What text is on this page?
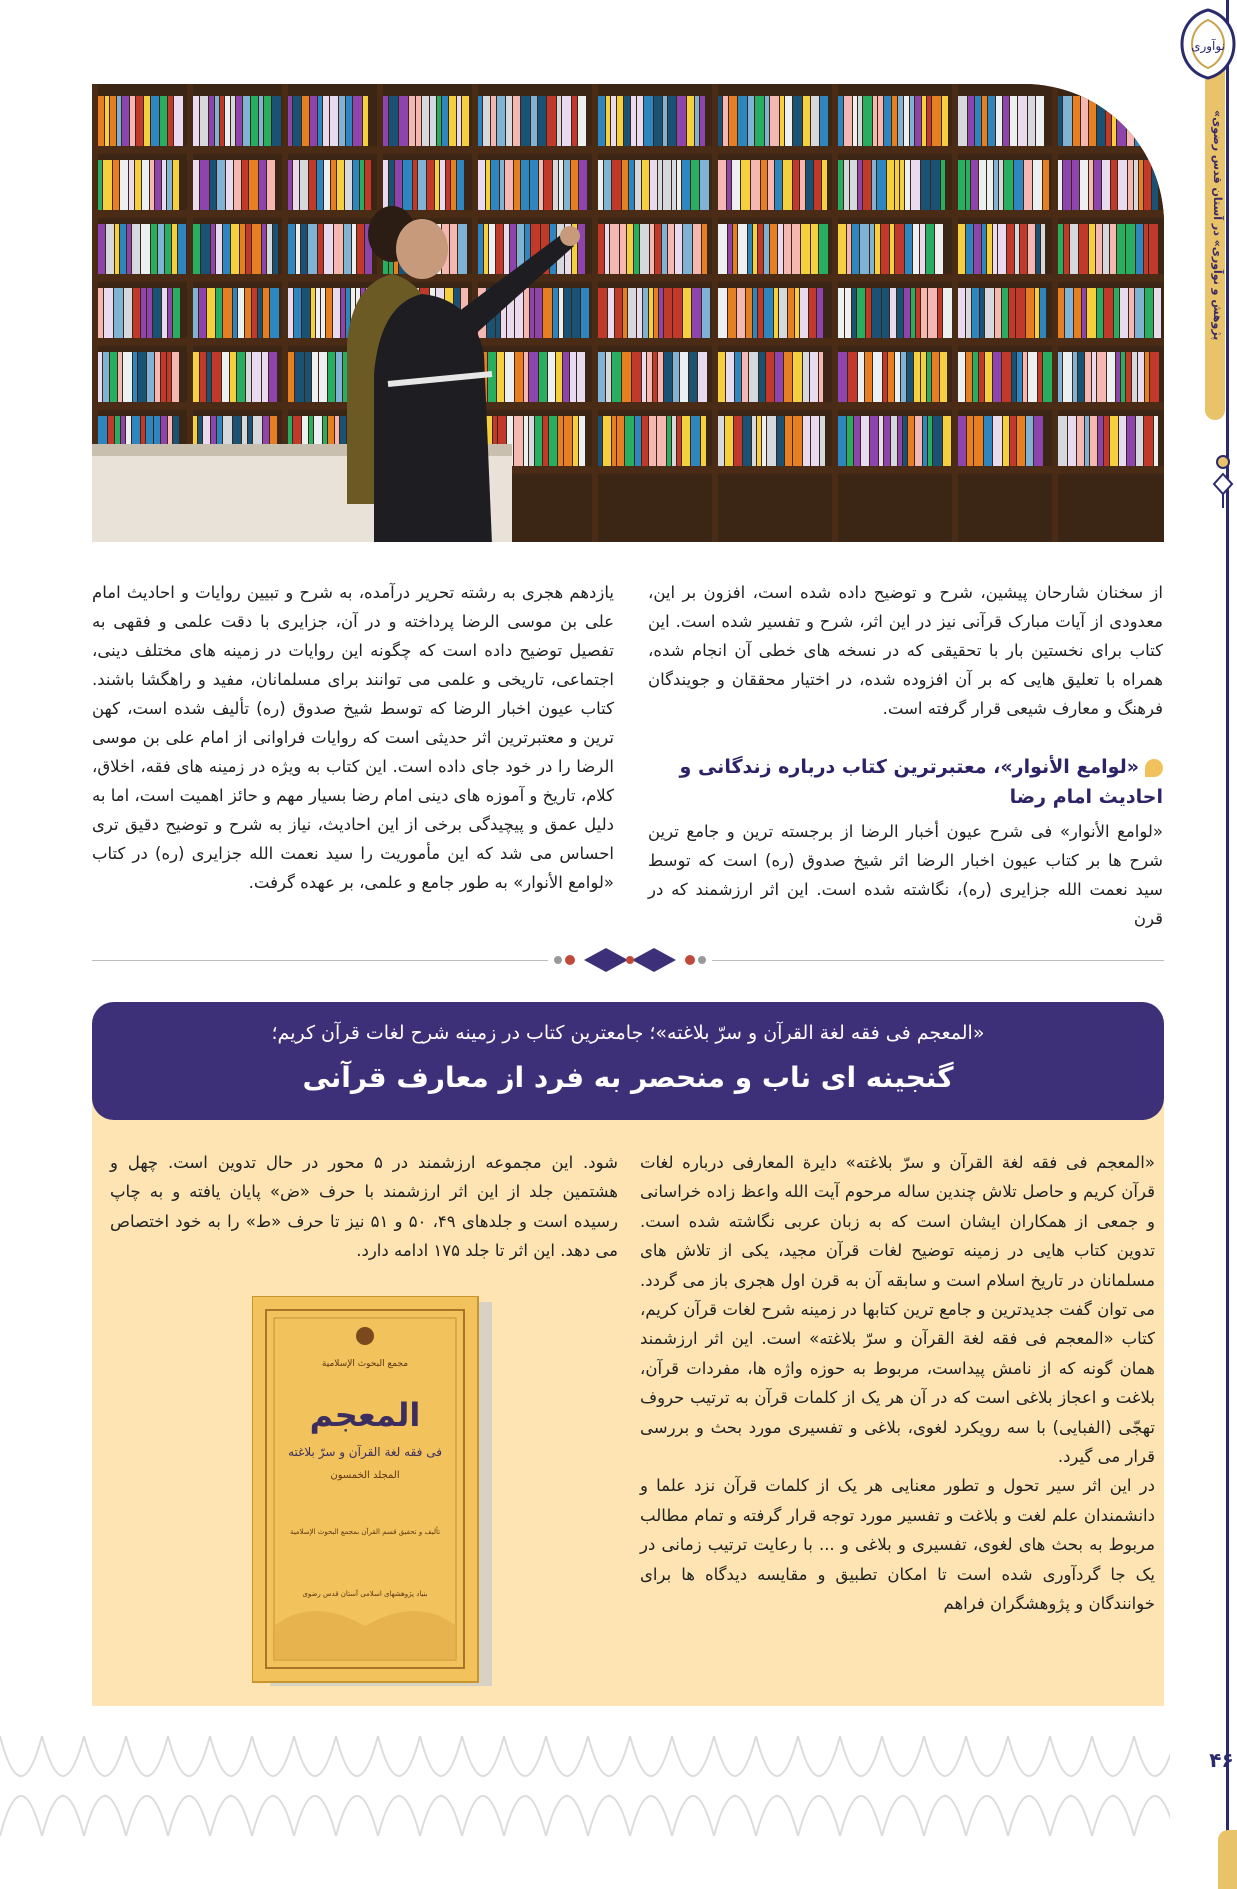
«پژوهش و نوآوری» در آستان قدس رضوی
نوآوری
۴۶

از سخنان شارحان پیشین، شرح و توضیح داده شده است، افزون بر این، معدودی از آیات مبارک قرآنی نیز در این اثر، شرح و تفسیر شده است. این کتاب برای نخستین بار با تحقیقی که در نسخه های خطی آن انجام شده، همراه با تعلیق هایی که بر آن افزوده شده، در اختیار محققان و جویندگان فرهنگ و معارف شیعی قرار گرفته است.

«لوامع الأنوار»، معتبرترین کتاب درباره زندگانی و احادیث امام رضا

«لوامع الأنوار» فی شرح عیون أخبار الرضا از برجسته ترین و جامع ترین شرح ها بر کتاب عیون اخبار الرضا اثر شیخ صدوق (ره) است که توسط سید نعمت الله جزایری (ره)، نگاشته شده است. این اثر ارزشمند که در قرن

یازدهم هجری به رشته تحریر درآمده، به شرح و تبیین روایات و احادیث امام علی بن موسی الرضا پرداخته و در آن، جزایری با دقت علمی و فقهی به تفصیل توضیح داده است که چگونه این روایات در زمینه های مختلف دینی، اجتماعی، تاریخی و علمی می توانند برای مسلمانان، مفید و راهگشا باشند. کتاب عیون اخبار الرضا که توسط شیخ صدوق (ره) تألیف شده است، کهن ترین و معتبرترین اثر حدیثی است که روایات فراوانی از امام علی بن موسی الرضا را در خود جای داده است. این کتاب به ویژه در زمینه های فقه، اخلاق، کلام، تاریخ و آموزه های دینی امام رضا بسیار مهم و حائز اهمیت است، اما به دلیل عمق و پیچیدگی برخی از این احادیث، نیاز به شرح و توضیح دقیق تری احساس می شد که این مأموریت را سید نعمت الله جزایری (ره) در کتاب «لوامع الأنوار» به طور جامع و علمی، بر عهده گرفت.

«المعجم فی فقه لغة القرآن و سرّ بلاغته»؛ جامعترین کتاب در زمینه شرح لغات قرآن کریم؛
گنجینه ای ناب و منحصر به فرد از معارف قرآنی

«المعجم فی فقه لغة القرآن و سرّ بلاغته» دایرة المعارفی درباره لغات قرآن کریم و حاصل تلاش چندین ساله مرحوم آیت الله واعظ زاده خراسانی و جمعی از همکاران ایشان است که به زبان عربی نگاشته شده است. تدوین کتاب هایی در زمینه توضیح لغات قرآن مجید، یکی از تلاش های مسلمانان در تاریخ اسلام است و سابقه آن به قرن اول هجری باز می گردد. می توان گفت جدیدترین و جامع ترین کتابها در زمینه شرح لغات قرآن کریم، کتاب «المعجم فی فقه لغة القرآن و سرّ بلاغته» است. این اثر ارزشمند همان گونه که از نامش پیداست، مربوط به حوزه واژه ها، مفردات قرآن، بلاغت و اعجاز بلاغی است که در آن هر یک از کلمات قرآن به ترتیب حروف تهجّی (الفبایی) با سه رویکرد لغوی، بلاغی و تفسیری مورد بحث و بررسی قرار می گیرد.

در این اثر سیر تحول و تطور معنایی هر یک از کلمات قرآن نزد علما و دانشمندان علم لغت و بلاغت و تفسیر مورد توجه قرار گرفته و تمام مطالب مربوط به بحث های لغوی، تفسیری و بلاغی و ... با رعایت ترتیب زمانی در یک جا گردآوری شده است تا امکان تطبیق و مقایسه دیدگاه ها برای خوانندگان و پژوهشگران فراهم

شود. این مجموعه ارزشمند در ۵ محور در حال تدوین است. چهل و هشتمین جلد از این اثر ارزشمند با حرف «ض» پایان یافته و به چاپ رسیده است و جلدهای ۴۹، ۵۰ و ۵۱ نیز تا حرف «ط» را به خود اختصاص می دهد. این اثر تا جلد ۱۷۵ ادامه دارد.

مجمع البحوث الإسلامية
المعجم
فی فقه لغة القرآن و سرّ بلاغته
المجلد الخمسون
تألیف و تحقیق قسم القرآن بمجمع البحوث الإسلامیة
بنیاد پژوهشهای اسلامی آستان قدس رضوی
